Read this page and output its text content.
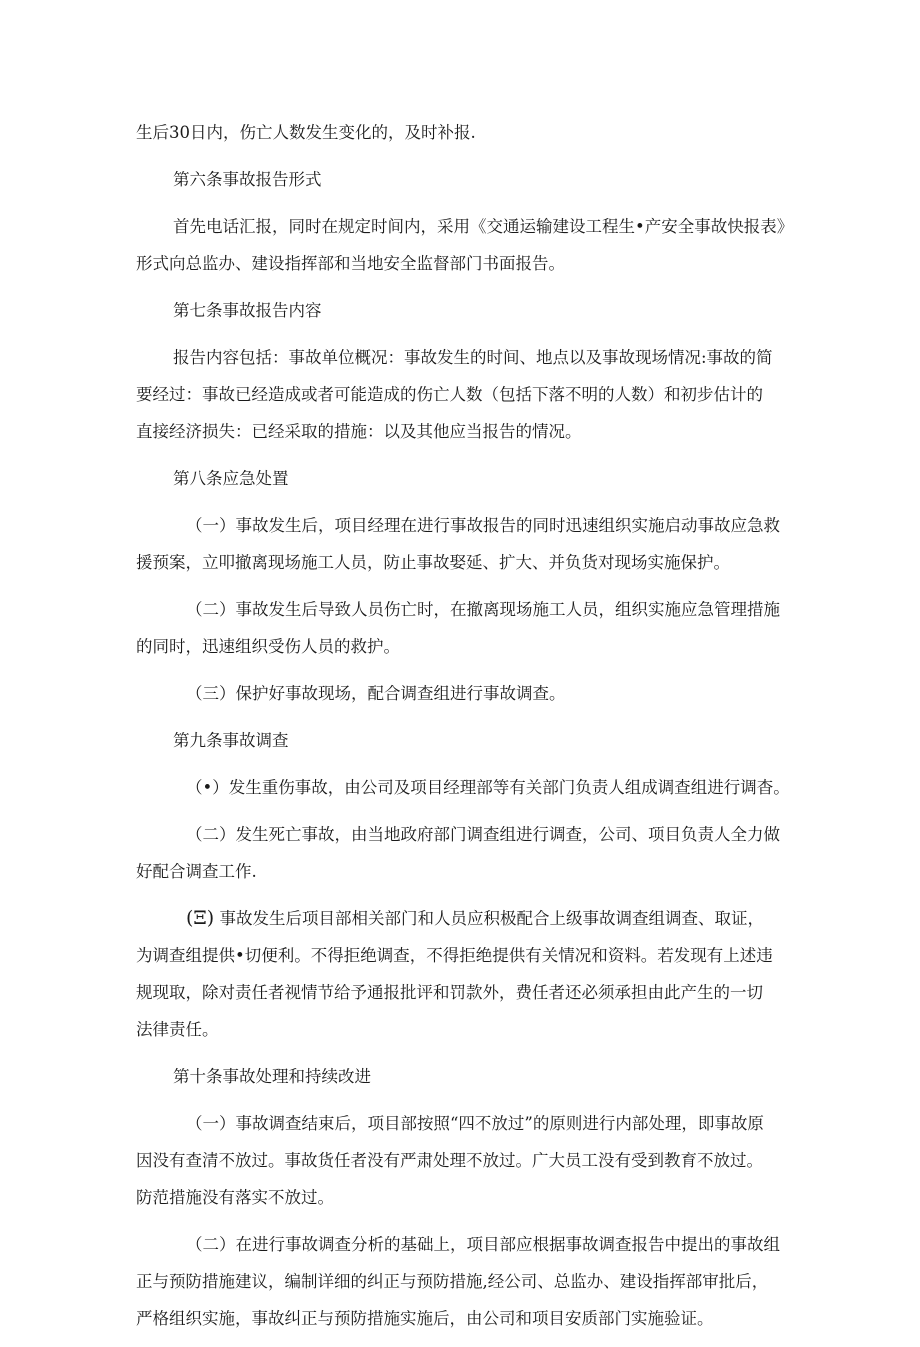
生后30日内，伤亡人数发生变化的，及时补报.
第六条事故报告形式
首先电话汇报，同时在规定时间内，采用《交通运输建设工程生•产安全事故快报表》
形式向总监办、建设指挥部和当地安全监督部门书面报告。
第七条事故报告内容
报告内容包括：事故单位概况：事故发生的时间、地点以及事故现场情况:事故的简
要经过：事故已经造成或者可能造成的伤亡人数（包括下落不明的人数）和初步估计的
直接经济损失：已经采取的措施：以及其他应当报告的情况。
第八条应急处置
（一）事故发生后，项目经理在进行事故报告的同时迅速组织实施启动事故应急救
援预案，立叩撤离现场施工人员，防止事故娶延、扩大、并负货对现场实施保护。
（二）事故发生后导致人员伤亡时，在撤离现场施工人员，组织实施应急管理措施
的同时，迅速组织受伤人员的救护。
（三）保护好事故现场，配合调查组进行事故调查。
第九条事故调查
（•）发生重伤事故，由公司及项目经理部等有关部门负责人组成调查组进行调杳。
（二）发生死亡事故，由当地政府部门调查组进行调查，公司、项目负责人全力做
好配合调查工作.
(Ξ) 事故发生后项目部相关部门和人员应积极配合上级事故调查组调查、取证，
为调查组提供•切便利。不得拒绝调查，不得拒绝提供有关情况和资料。若发现有上述违
规现取，除对责任者视情节给予通报批评和罚款外，费任者还必须承担由此产生的一切
法律责任。
第十条事故处理和持续改进
（一）事故调查结束后，项目部按照“四不放过”的原则进行内部处理，即事故原
因没有查清不放过。事故货任者没有严肃处理不放过。广大员工没有受到教育不放过。
防范措施没有落实不放过。
（二）在进行事故调查分析的基础上，项目部应根据事故调查报告中提出的事故组
正与预防措施建议，编制详细的纠正与预防措施,经公司、总监办、建设指挥部审批后，
严格组织实施，事故纠正与预防措施实施后，由公司和项目安质部门实施验证。
